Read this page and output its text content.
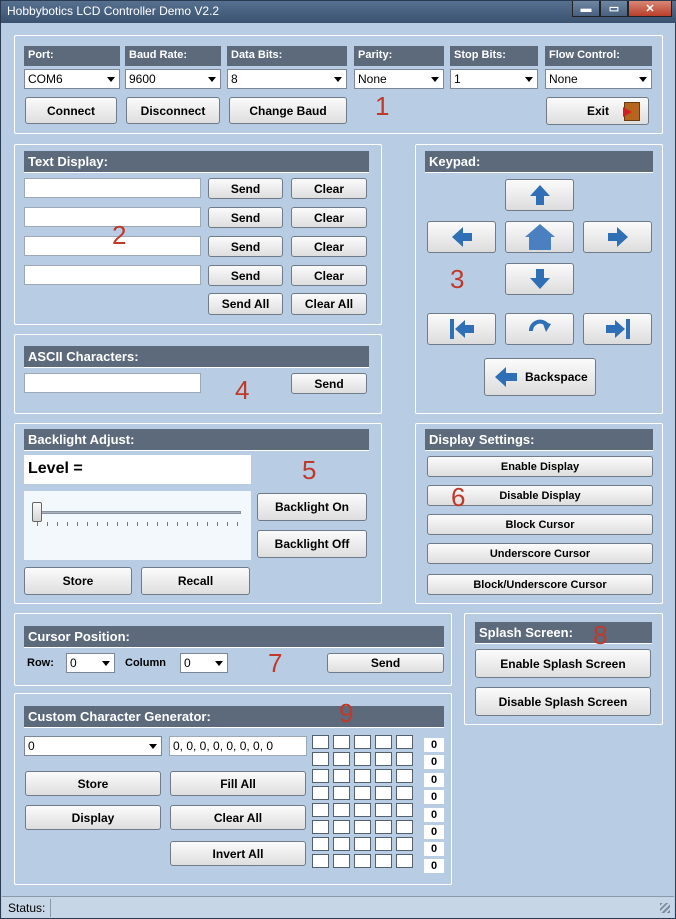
Hobbybotics LCD Controller Demo V2.2	▬	▭	✕
Port:	Baud Rate:	Data Bits:	Parity:	Stop Bits:	Flow Control:
COM6	9600	8	None	1	None
Connect	Disconnect	Change Baud	Exit
1
Text Display:
Send	Clear
Send	Clear
Send	Clear
Send	Clear
Send All	Clear All
2
Keypad:
3
Backspace
ASCII Characters:
Send
4
Backlight Adjust:
Level =
Backlight On
Backlight Off
Store	Recall
5
Display Settings:
Enable Display
Disable Display
Block Cursor
Underscore Cursor
Block/Underscore Cursor
6
Cursor Position:
Row:	0	Column	0	Send
7
Splash Screen:
Enable Splash Screen
Disable Splash Screen
8
Custom Character Generator:
0	0, 0, 0, 0, 0, 0, 0, 0
Store	Fill All
Display	Clear All
Invert All
0
0
0
0
0
0
0
0
9
Status:
